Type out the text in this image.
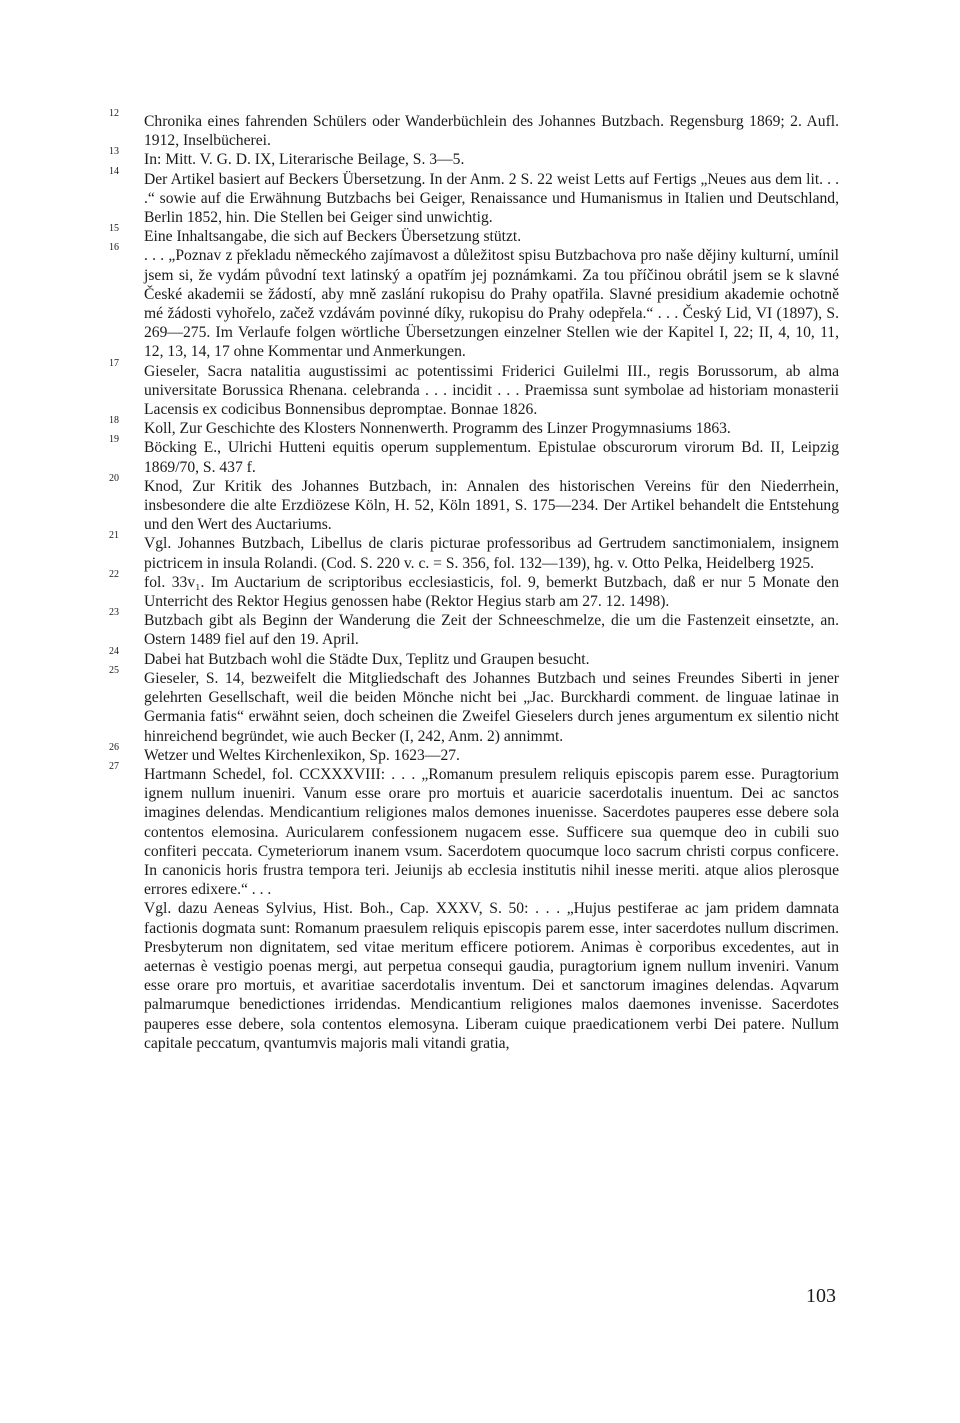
12	Chronika eines fahrenden Schülers oder Wanderbüchlein des Johannes Butzbach. Regensburg 1869; 2. Aufl. 1912, Inselbücherei.

13	In: Mitt. V. G. D. IX, Literarische Beilage, S. 3—5.

14	Der Artikel basiert auf Beckers Übersetzung. In der Anm. 2 S. 22 weist Letts auf Fertigs „Neues aus dem lit. . . .“ sowie auf die Erwähnung Butzbachs bei Geiger, Renaissance und Humanismus in Italien und Deutschland, Berlin 1852, hin. Die Stellen bei Geiger sind unwichtig.

15	Eine Inhaltsangabe, die sich auf Beckers Übersetzung stützt.

16	. . . „Poznav z překladu německého zajímavost a důležitost spisu Butzbachova pro naše dějiny kulturní, umínil jsem si, že vydám původní text latinský a opatřím jej poznámkami. Za tou příčinou obrátil jsem se k slavné České akademii se žádostí, aby mně zaslání rukopisu do Prahy opatřila. Slavné presidium akademie ochotně mé žádosti vyhořelo, začež vzdávám povinné díky, rukopisu do Prahy odepřela.“ . . . Český Lid, VI (1897), S. 269—275. Im Verlaufe folgen wörtliche Übersetzungen einzelner Stellen wie der Kapitel I, 22; II, 4, 10, 11, 12, 13, 14, 17 ohne Kommentar und Anmerkungen.

17	Gieseler, Sacra natalitia augustissimi ac potentissimi Friderici Guilelmi III., regis Borussorum, ab alma universitate Borussica Rhenana. celebranda . . . incidit . . . Praemissa sunt symbolae ad historiam monasterii Lacensis ex codicibus Bonnensibus depromptae. Bonnae 1826.

18	Koll, Zur Geschichte des Klosters Nonnenwerth. Programm des Linzer Progymnasiums 1863.

19	Böcking E., Ulrichi Hutteni equitis operum supplementum. Epistulae obscurorum virorum Bd. II, Leipzig 1869/70, S. 437 f.

20	Knod, Zur Kritik des Johannes Butzbach, in: Annalen des historischen Vereins für den Niederrhein, insbesondere die alte Erzdiözese Köln, H. 52, Köln 1891, S. 175—234. Der Artikel behandelt die Entstehung und den Wert des Auctariums.

21	Vgl. Johannes Butzbach, Libellus de claris picturae professoribus ad Gertrudem sanctimonialem, insignem pictricem in insula Rolandi. (Cod. S. 220 v. c. = S. 356, fol. 132—139), hg. v. Otto Pelka, Heidelberg 1925.

22	fol. 33v₁. Im Auctarium de scriptoribus ecclesiasticis, fol. 9, bemerkt Butzbach, daß er nur 5 Monate den Unterricht des Rektor Hegius genossen habe (Rektor Hegius starb am 27. 12. 1498).

23	Butzbach gibt als Beginn der Wanderung die Zeit der Schneeschmelze, die um die Fastenzeit einsetzte, an. Ostern 1489 fiel auf den 19. April.

24	Dabei hat Butzbach wohl die Städte Dux, Teplitz und Graupen besucht.

25	Gieseler, S. 14, bezweifelt die Mitgliedschaft des Johannes Butzbach und seines Freundes Siberti in jener gelehrten Gesellschaft, weil die beiden Mönche nicht bei „Jac. Burckhardi comment. de linguae latinae in Germania fatis“ erwähnt seien, doch scheinen die Zweifel Gieselers durch jenes argumentum ex silentio nicht hinreichend begründet, wie auch Becker (I, 242, Anm. 2) annimmt.

26	Wetzer und Weltes Kirchenlexikon, Sp. 1623—27.

27	Hartmann Schedel, fol. CCXXXVIII: . . . „Romanum presulem reliquis episcopis parem esse. Puragtorium ignem nullum inueniri. Vanum esse orare pro mortuis et auaricie sacerdotalis inuentum. Dei ac sanctos imagines delendas. Mendicantium religiones malos demones inuenisse. Sacerdotes pauperes esse debere sola contentos elemosina. Auricularem confessionem nugacem esse. Sufficere sua quemque deo in cubili suo confiteri peccata. Cymeteriorum inanem vsum. Sacerdotem quocumque loco sacrum christi corpus conficere. In canonicis horis frustra tempora teri. Jeiunijs ab ecclesia institutis nihil inesse meriti. atque alios plerosque errores edixere.“ . . .

Vgl. dazu Aeneas Sylvius, Hist. Boh., Cap. XXXV, S. 50: . . . „Hujus pestiferae ac jam pridem damnata factionis dogmata sunt: Romanum praesulem reliquis episcopis parem esse, inter sacerdotes nullum discrimen. Presbyterum non dignitatem, sed vitae meritum efficere potiorem. Animas è corporibus excedentes, aut in aeternas è vestigio poenas mergi, aut perpetua consequi gaudia, puragtorium ignem nullum inveniri. Vanum esse orare pro mortuis, et avaritiae sacerdotalis inventum. Dei et sanctorum imagines delendas. Aqvarum palmarumque benedictiones irridendas. Mendicantium religiones malos daemones invenisse. Sacerdotes pauperes esse debere, sola contentos elemosyna. Liberam cuique praedicationem verbi Dei patere. Nullum capitale peccatum, qvantumvis majoris mali vitandi gratia,

103
